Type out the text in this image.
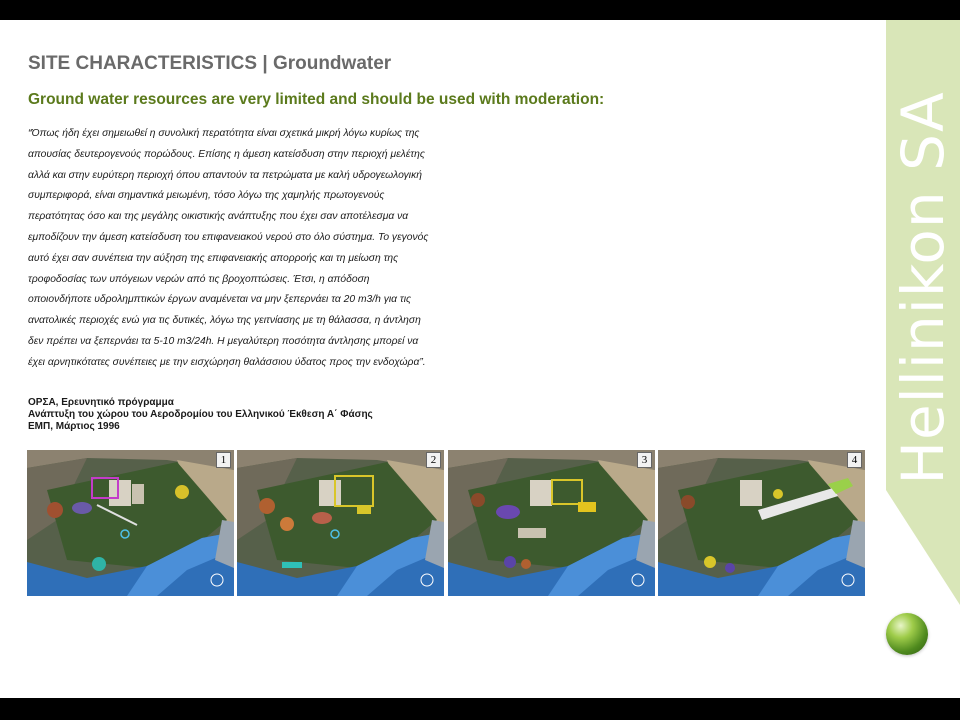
SITE CHARACTERISTICS | Groundwater
Ground water resources are very limited and should be used with moderation:
“Όπως ήδη έχει σημειωθεί η συνολική περατότητα είναι σχετικά μικρή λόγω κυρίως της
απουσίας δευτερογενούς πορώδους. Επίσης η άμεση κατείσδυση στην περιοχή μελέτης
αλλά και στην ευρύτερη περιοχή όπου απαντούν τα πετρώματα με καλή υδρογεωλογική
συμπεριφορά, είναι σημαντικά μειωμένη, τόσο λόγω της χαμηλής πρωτογενούς
περατότητας όσο και της μεγάλης οικιστικής ανάπτυξης που έχει σαν αποτέλεσμα να
εμποδίζουν την άμεση κατείσδυση του επιφανειακού νερού στο όλο σύστημα. Το γεγονός
αυτό έχει σαν συνέπεια την αύξηση της επιφανειακής απορροής και τη μείωση της
τροφοδοσίας των υπόγειων νερών από τις βροχοπτώσεις. Έτσι, η απόδοση
οποιονδήποτε υδρολημπτικών έργων αναμένεται να μην ξεπερνάει τα 20 m3/h για τις
ανατολικές περιοχές ενώ για τις δυτικές, λόγω της γειτνίασης με τη θάλασσα, η άντληση
δεν πρέπει να ξεπερνάει τα 5-10 m3/24h. Η μεγαλύτερη ποσότητα άντλησης μπορεί να
έχει αρνητικότατες συνέπειες με την εισχώρηση θαλάσσιου ύδατος προς την ενδοχώρα”.
ΟΡΣΑ, Ερευνητικό πρόγραμμα
Ανάπτυξη του χώρου του Αεροδρομίου του Ελληνικού Έκθεση Α΄ Φάσης
ΕΜΠ, Μάρτιος 1996
1	2	3	4 Hellinikon SA
